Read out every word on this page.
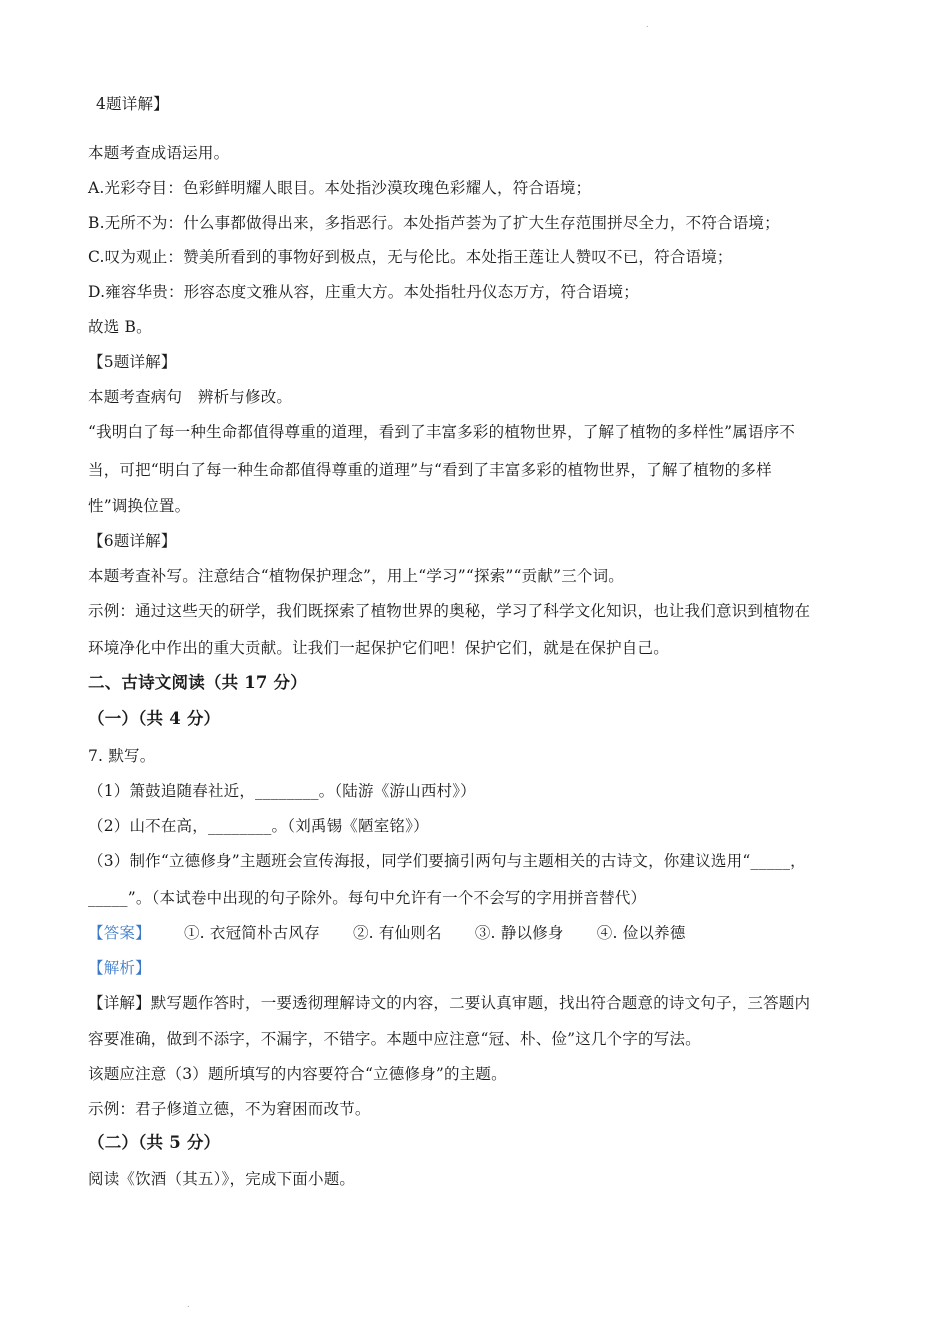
.
4题详解】
本题考查成语运用。
A.光彩夺目：色彩鲜明耀人眼目。本处指沙漠玫瑰色彩耀人，符合语境；
B.无所不为：什么事都做得出来，多指恶行。本处指芦荟为了扩大生存范围拼尽全力，不符合语境；
C.叹为观止：赞美所看到的事物好到极点，无与伦比。本处指王莲让人赞叹不已，符合语境；
D.雍容华贵：形容态度文雅从容，庄重大方。本处指牡丹仪态万方，符合语境；
故选 B。
【5题详解】
本题考查病句　辨析与修改。
“我明白了每一种生命都值得尊重的道理，看到了丰富多彩的植物世界，了解了植物的多样性”属语序不
当，可把“明白了每一种生命都值得尊重的道理”与“看到了丰富多彩的植物世界，了解了植物的多样
性”调换位置。
【6题详解】
本题考查补写。注意结合“植物保护理念”，用上“学习”“探索”“贡献”三个词。
示例：通过这些天的研学，我们既探索了植物世界的奥秘，学习了科学文化知识，也让我们意识到植物在
环境净化中作出的重大贡献。让我们一起保护它们吧！保护它们，就是在保护自己。
二、古诗文阅读（共 17 分）
（一）（共 4 分）
7. 默写。
（1）箫鼓追随春社近，________。（陆游《游山西村》）
（2）山不在高，________。（刘禹锡《陋室铭》）
（3）制作“立德修身”主题班会宣传海报，同学们要摘引两句与主题相关的古诗文，你建议选用“_____，
_____”。（本试卷中出现的句子除外。每句中允许有一个不会写的字用拼音替代）
【答案】 ①. 衣冠简朴古风存 ②. 有仙则名 ③. 静以修身 ④. 俭以养德
【解析】
【详解】默写题作答时，一要透彻理解诗文的内容，二要认真审题，找出符合题意的诗文句子，三答题内
容要准确，做到不添字，不漏字，不错字。本题中应注意“冠、朴、俭”这几个字的写法。
该题应注意（3）题所填写的内容要符合“立德修身”的主题。
示例：君子修道立德，不为窘困而改节。
（二）（共 5 分）
阅读《饮酒（其五）》，完成下面小题。
.
